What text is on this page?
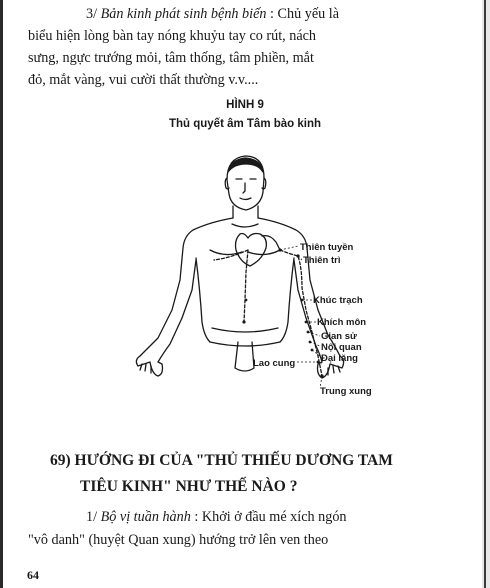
3/ Bản kinh phát sinh bệnh biến : Chủ yếu là
biểu hiện lòng bàn tay nóng khuỷu tay co rút, nách
sưng, ngực trướng mỏi, tâm thống, tâm phiền, mắt
đỏ, mắt vàng, vui cười thất thường v.v....

HÌNH 9
Thủ quyết âm Tâm bào kinh
Thiên tuyền
Thiên trì
Khúc trạch
Khích môn
Gian sử
Nội quan
Đại lăng
Lao cung
Trung xung
69) HƯỚNG ĐI CỦA "THỦ THIẾU DƯƠNG TAM
TIÊU KINH" NHƯ THẾ NÀO ?
1/ Bộ vị tuần hành : Khởi ở đầu mé xích ngón
"vô danh" (huyệt Quan xung) hướng trở lên ven theo
64
